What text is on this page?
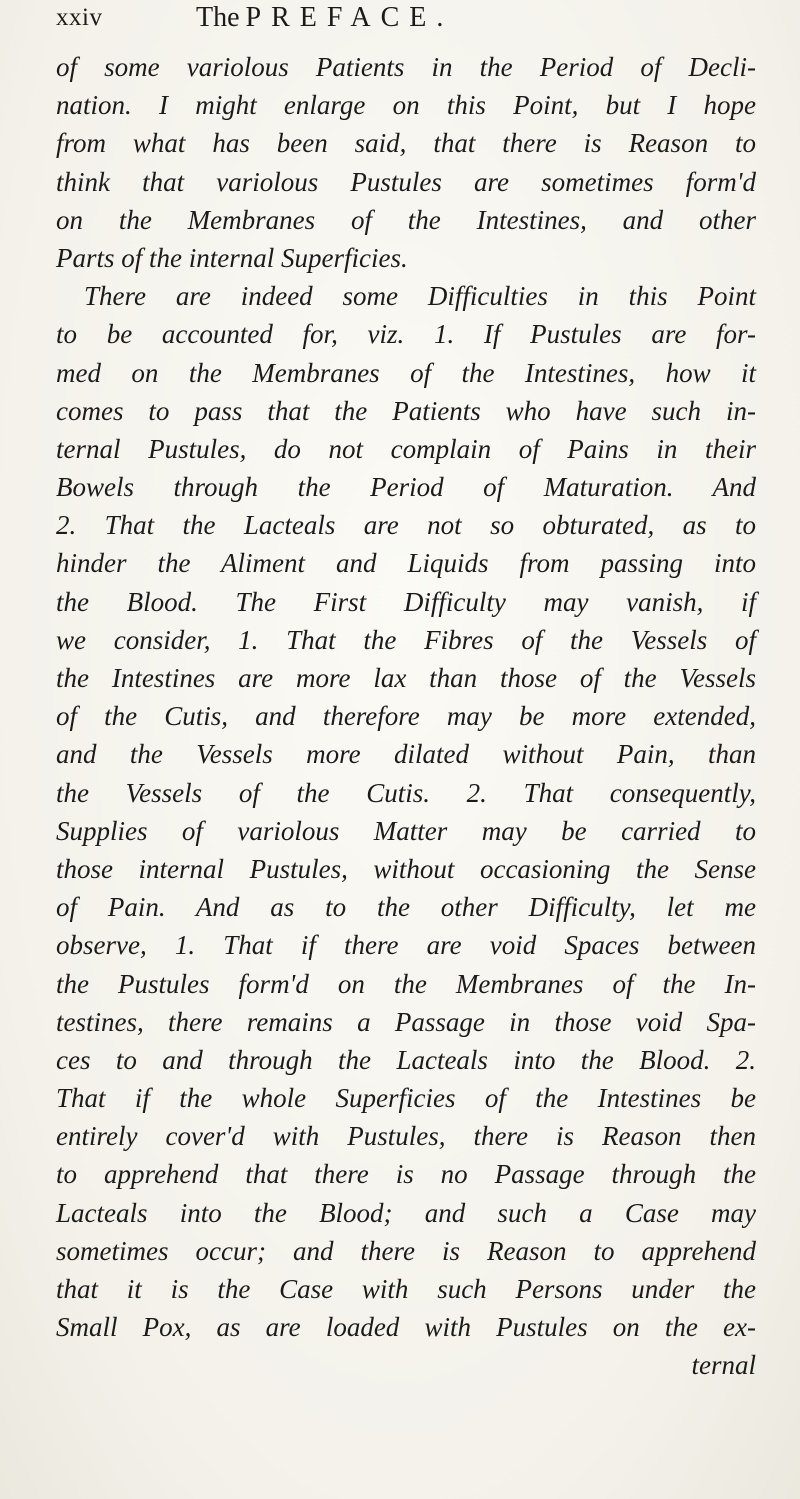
xxiv	The PREFACE.
of some variolous Patients in the Period of Decli-
nation. I might enlarge on this Point, but I hope
from what has been said, that there is Reason to
think that variolous Pustules are sometimes form'd
on the Membranes of the Intestines, and other
Parts of the internal Superficies.
There are indeed some Difficulties in this Point
to be accounted for, viz. 1. If Pustules are for-
med on the Membranes of the Intestines, how it
comes to pass that the Patients who have such in-
ternal Pustules, do not complain of Pains in their
Bowels through the Period of Maturation. And
2. That the Lacteals are not so obturated, as to
hinder the Aliment and Liquids from passing into
the Blood. The First Difficulty may vanish, if
we consider, 1. That the Fibres of the Vessels of
the Intestines are more lax than those of the Vessels
of the Cutis, and therefore may be more extended,
and the Vessels more dilated without Pain, than
the Vessels of the Cutis. 2. That consequently,
Supplies of variolous Matter may be carried to
those internal Pustules, without occasioning the Sense
of Pain. And as to the other Difficulty, let me
observe, 1. That if there are void Spaces between
the Pustules form'd on the Membranes of the In-
testines, there remains a Passage in those void Spa-
ces to and through the Lacteals into the Blood. 2.
That if the whole Superficies of the Intestines be
entirely cover'd with Pustules, there is Reason then
to apprehend that there is no Passage through the
Lacteals into the Blood; and such a Case may
sometimes occur; and there is Reason to apprehend
that it is the Case with such Persons under the
Small Pox, as are loaded with Pustules on the ex-
ternal
